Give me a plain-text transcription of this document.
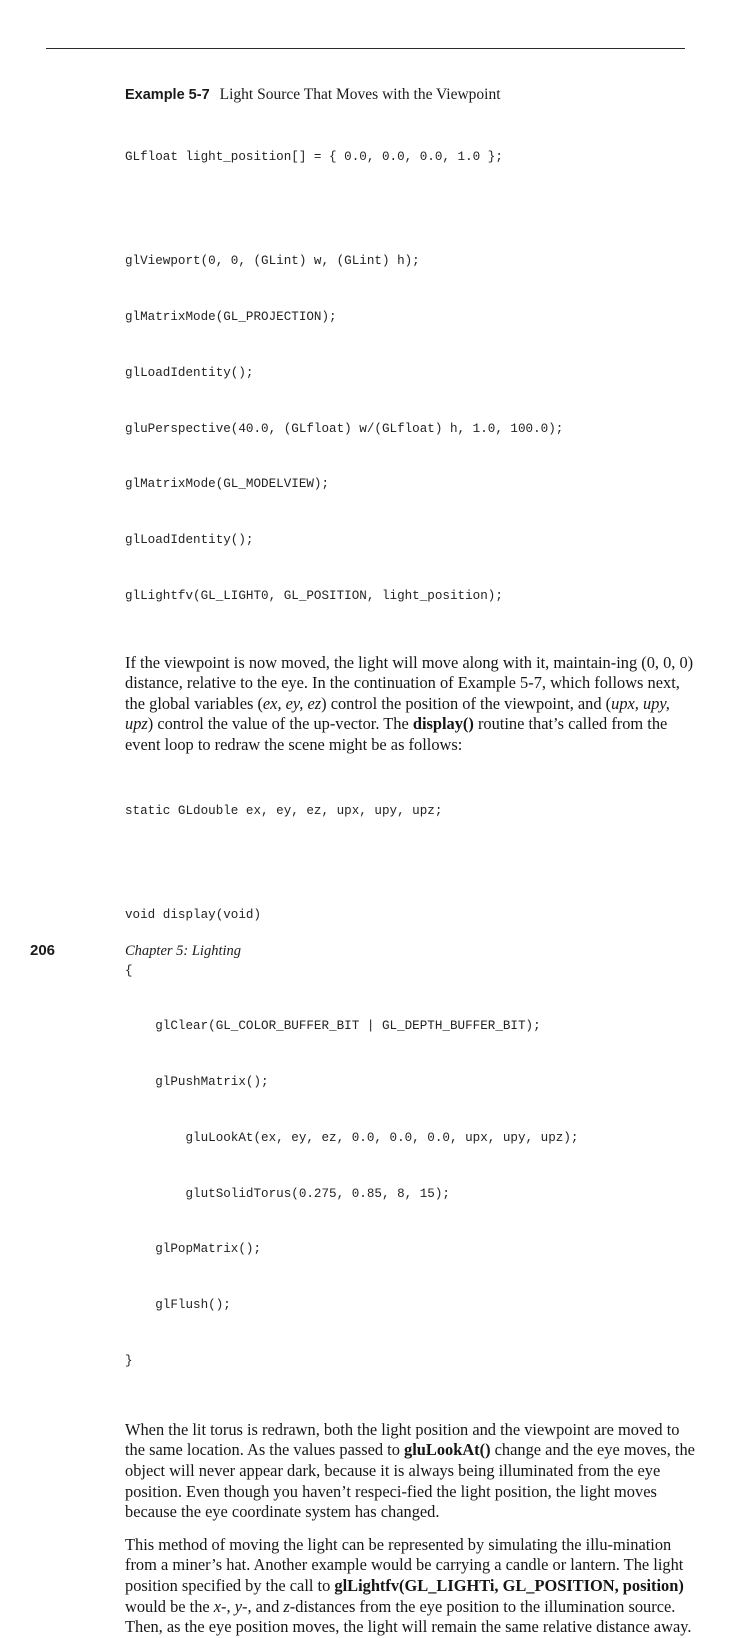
Example 5-7 Light Source That Moves with the Viewpoint

GLfloat light_position[] = { 0.0, 0.0, 0.0, 1.0 };

glViewport(0, 0, (GLint) w, (GLint) h);

glMatrixMode(GL_PROJECTION);

glLoadIdentity();

gluPerspective(40.0, (GLfloat) w/(GLfloat) h, 1.0, 100.0);

glMatrixMode(GL_MODELVIEW);

glLoadIdentity();

glLightfv(GL_LIGHT0, GL_POSITION, light_position);

If the viewpoint is now moved, the light will move along with it, maintain-ing (0, 0, 0) distance, relative to the eye. In the continuation of Example 5-7, which follows next, the global variables (ex, ey, ez) control the position of the viewpoint, and (upx, upy, upz) control the value of the up-vector. The display() routine that’s called from the event loop to redraw the scene might be as follows:

static GLdouble ex, ey, ez, upx, upy, upz;

void display(void)

{

glClear(GL_COLOR_BUFFER_BIT | GL_DEPTH_BUFFER_BIT);

glPushMatrix();

gluLookAt(ex, ey, ez, 0.0, 0.0, 0.0, upx, upy, upz);

glutSolidTorus(0.275, 0.85, 8, 15);

glPopMatrix();

glFlush();

}

When the lit torus is redrawn, both the light position and the viewpoint are moved to the same location. As the values passed to gluLookAt() change and the eye moves, the object will never appear dark, because it is always being illuminated from the eye position. Even though you haven’t respeci-fied the light position, the light moves because the eye coordinate system has changed.

This method of moving the light can be represented by simulating the illu-mination from a miner’s hat. Another example would be carrying a candle or lantern. The light position specified by the call to glLightfv(GL_LIGHTi, GL_POSITION, position) would be the x-, y-, and z-distances from the eye position to the illumination source. Then, as the eye position moves, the light will remain the same relative distance away.

206	Chapter 5: Lighting
